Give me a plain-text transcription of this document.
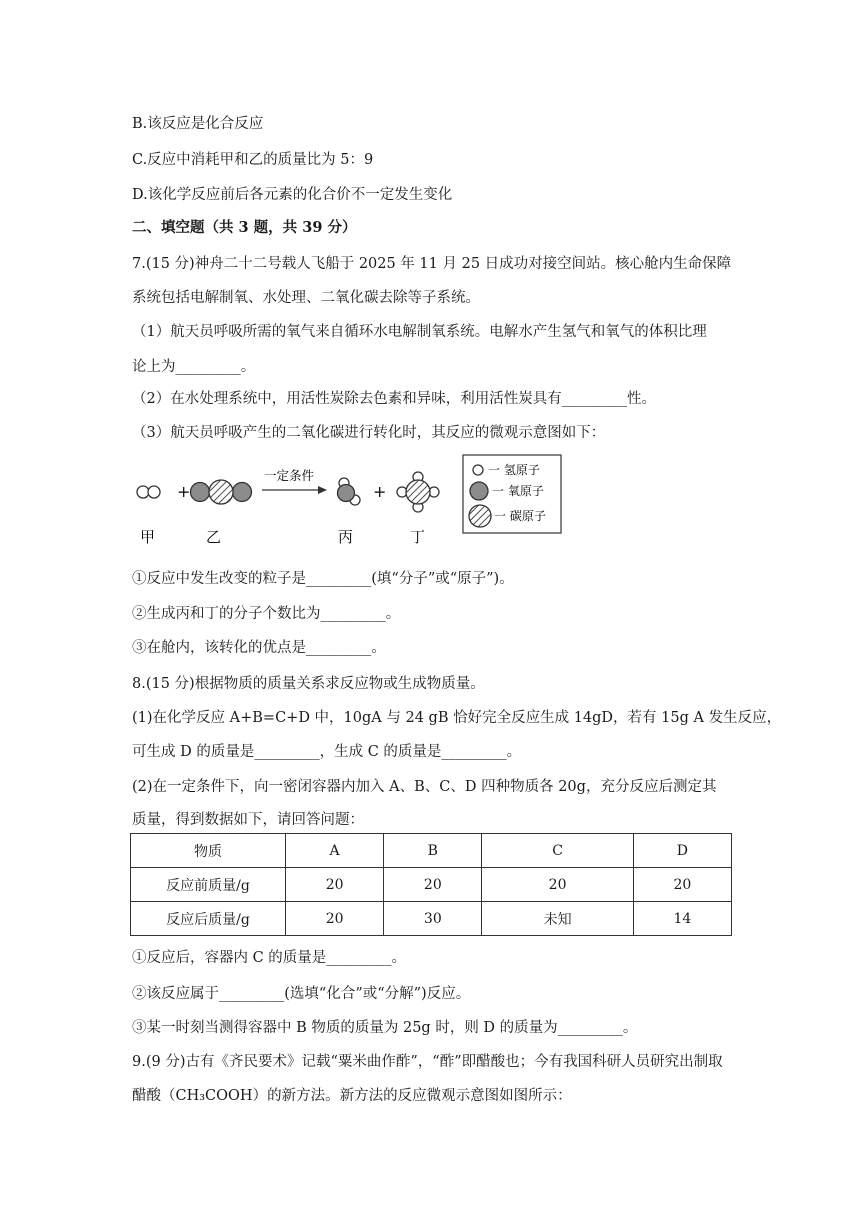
B.该反应是化合反应
C.反应中消耗甲和乙的质量比为 5：9
D.该化学反应前后各元素的化合价不一定发生变化
二、填空题（共 3 题，共 39 分）
7.(15 分)神舟二十二号载人飞船于 2025 年 11 月 25 日成功对接空间站。核心舱内生命保障
系统包括电解制氧、水处理、二氧化碳去除等子系统。
（1）航天员呼吸所需的氧气来自循环水电解制氧系统。电解水产生氢气和氧气的体积比理
论上为_________。
（2）在水处理系统中，用活性炭除去色素和异味，利用活性炭具有_________性。
（3）航天员呼吸产生的二氧化碳进行转化时，其反应的微观示意图如下：
+
一定条件
+
甲	乙	丙	丁
一 氢原子
一 氧原子
一 碳原子
①反应中发生改变的粒子是_________(填“分子”或“原子”)。
②生成丙和丁的分子个数比为_________。
③在舱内，该转化的优点是_________。
8.(15 分)根据物质的质量关系求反应物或生成物质量。
(1)在化学反应 A+B=C+D 中，10gA 与 24 gB 恰好完全反应生成 14gD，若有 15g A 发生反应，
可生成 D 的质量是_________，生成 C 的质量是_________。
(2)在一定条件下，向一密闭容器内加入 A、B、C、D 四种物质各 20g，充分反应后测定其
质量，得到数据如下，请回答问题：
物质	A	B	C	D
反应前质量/g	20	20	20	20
反应后质量/g	20	30	未知	14
①反应后，容器内 C 的质量是_________。
②该反应属于_________(选填“化合”或“分解”)反应。
③某一时刻当测得容器中 B 物质的质量为 25g 时，则 D 的质量为_________。
9.(9 分)古有《齐民要术》记载“粟米曲作酢”，“酢”即醋酸也；今有我国科研人员研究出制取
醋酸（CH₃COOH）的新方法。新方法的反应微观示意图如图所示：
